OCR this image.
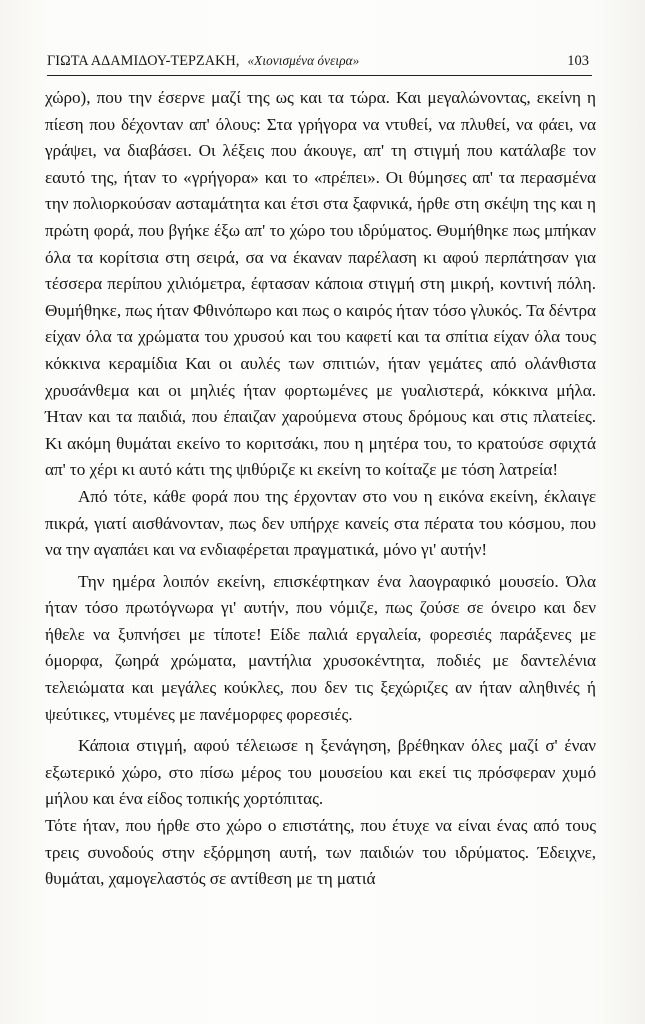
ΓΙΩΤΑ ΑΔΑΜΙΔΟΥ-ΤΕΡΖΑΚΗ, «Χιονισμένα όνειρα»	103

χώρο), που την έσερνε μαζί της ως και τα τώρα. Και μεγαλώνοντας, εκείνη η πίεση που δέχονταν απ' όλους: Στα γρήγορα να ντυθεί, να πλυθεί, να φάει, να γράψει, να διαβάσει. Οι λέξεις που άκουγε, απ' τη στιγμή που κατάλαβε τον εαυτό της, ήταν το «γρήγορα» και το «πρέπει». Οι θύμησες απ' τα περασμένα την πολιορκούσαν ασταμάτητα και έτσι στα ξαφνικά, ήρθε στη σκέψη της και η πρώτη φορά, που βγήκε έξω απ' το χώρο του ιδρύματος. Θυμήθηκε πως μπήκαν όλα τα κορίτσια στη σειρά, σα να έκαναν παρέλαση κι αφού περπάτησαν για τέσσερα περίπου χιλιόμετρα, έφτασαν κάποια στιγμή στη μικρή, κοντινή πόλη. Θυμήθηκε, πως ήταν Φθινόπωρο και πως ο καιρός ήταν τόσο γλυκός. Τα δέντρα είχαν όλα τα χρώματα του χρυσού και του καφετί και τα σπίτια είχαν όλα τους κόκκινα κεραμίδια Και οι αυλές των σπιτιών, ήταν γεμάτες από ολάνθιστα χρυσάνθεμα και οι μηλιές ήταν φορτωμένες με γυαλιστερά, κόκκινα μήλα. Ήταν και τα παιδιά, που έπαιζαν χαρούμενα στους δρόμους και στις πλατείες. Κι ακόμη θυμάται εκείνο το κοριτσάκι, που η μητέρα του, το κρατούσε σφιχτά απ' το χέρι κι αυτό κάτι της ψιθύριζε κι εκείνη το κοίταζε με τόση λατρεία!

Από τότε, κάθε φορά που της έρχονταν στο νου η εικόνα εκείνη, έκλαιγε πικρά, γιατί αισθάνονταν, πως δεν υπήρχε κανείς στα πέρατα του κόσμου, που να την αγαπάει και να ενδιαφέρεται πραγματικά, μόνο γι' αυτήν!

Την ημέρα λοιπόν εκείνη, επισκέφτηκαν ένα λαογραφικό μουσείο. Όλα ήταν τόσο πρωτόγνωρα γι' αυτήν, που νόμιζε, πως ζούσε σε όνειρο και δεν ήθελε να ξυπνήσει με τίποτε! Είδε παλιά εργαλεία, φορεσιές παράξενες με όμορφα, ζωηρά χρώματα, μαντήλια χρυσοκέντητα, ποδιές με δαντελένια τελειώματα και μεγάλες κούκλες, που δεν τις ξεχώριζες αν ήταν αληθινές ή ψεύτικες, ντυμένες με πανέμορφες φορεσιές.

Κάποια στιγμή, αφού τέλειωσε η ξενάγηση, βρέθηκαν όλες μαζί σ' έναν εξωτερικό χώρο, στο πίσω μέρος του μουσείου και εκεί τις πρόσφεραν χυμό μήλου και ένα είδος τοπικής χορτόπιτας.

Τότε ήταν, που ήρθε στο χώρο ο επιστάτης, που έτυχε να είναι ένας από τους τρεις συνοδούς στην εξόρμηση αυτή, των παιδιών του ιδρύματος. Έδειχνε, θυμάται, χαμογελαστός σε αντίθεση με τη ματιά
